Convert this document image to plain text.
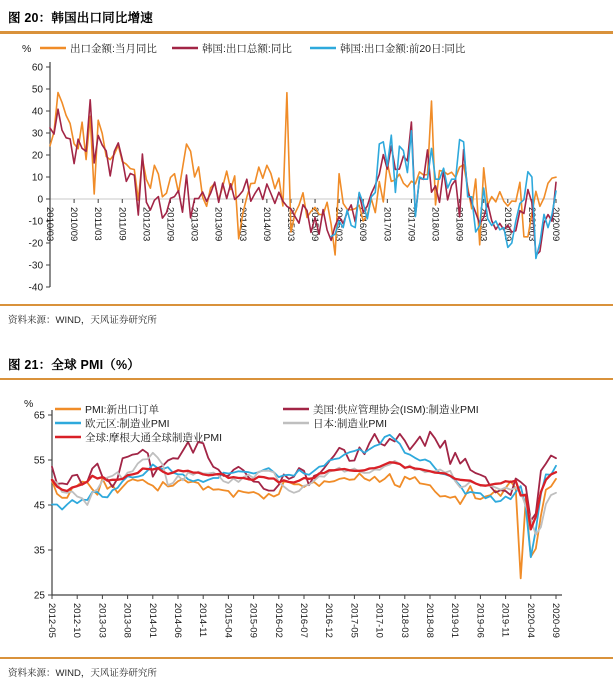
图 20：韩国出口同比增速
60
50
40
30
20
10
0
-10
-20
-30
-40
2010/03 2010/09 2011/03 2011/09 2012/03 2012/09 2013/03 2013/09 2014/03 2014/09 2015/03 2015/09 2016/03 2016/09 2017/03 2017/09 2018/03 2018/09 2019/03 2019/09 2020/03 2020/09
出口金额:当月同比	韩国:出口总额:同比	韩国:出口金额:前20日:同比
%
资料来源：WIND，天风证券研究所
图 21：全球 PMI（%）
65
55
45
35
25
2012-05 2012-10 2013-03 2013-08 2014-01 2014-06 2014-11 2015-04 2015-09 2016-02 2016-07 2016-12 2017-05 2017-10 2018-03 2018-08 2019-01 2019-06 2019-11 2020-04 2020-09
PMI:新出口订单	美国:供应管理协会(ISM):制造业PMI
欧元区:制造业PMI	日本:制造业PMI
全球:摩根大通全球制造业PMI
%
资料来源：WIND，天风证券研究所
